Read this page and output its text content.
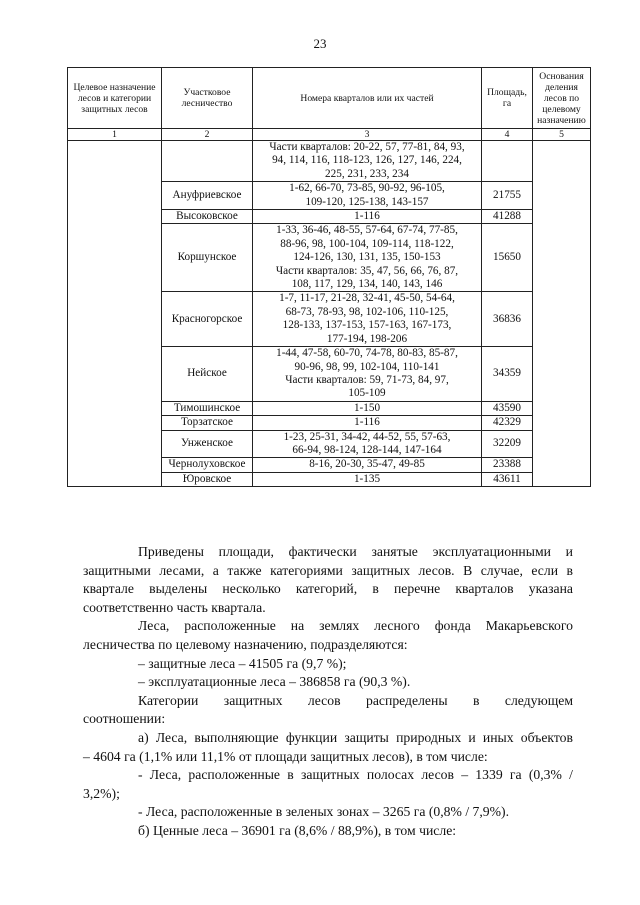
23
Целевое назначение лесов и категории защитных лесов	Участковое лесничество	Номера кварталов или их частей	Площадь, га	Основания деления лесов по целевому назначению
1	2	3	4	5

		Части кварталов: 20-22, 57, 77-81, 84, 93,
94, 114, 116, 118-123, 126, 127, 146, 224,
225, 231, 233, 234		

	Ануфриевское	1-62, 66-70, 73-85, 90-92, 96-105,
109-120, 125-138, 143-157	21755	
	Высоковское	1-116	41288	
	Коршунское	1-33, 36-46, 48-55, 57-64, 67-74, 77-85,
88-96, 98, 100-104, 109-114, 118-122,
124-126, 130, 131, 135, 150-153
Части кварталов: 35, 47, 56, 66, 76, 87,
108, 117, 129, 134, 140, 143, 146	15650	
	Красногорское	1-7, 11-17, 21-28, 32-41, 45-50, 54-64,
68-73, 78-93, 98, 102-106, 110-125,
128-133, 137-153, 157-163, 167-173,
177-194, 198-206	36836	
	Нейское	1-44, 47-58, 60-70, 74-78, 80-83, 85-87,
90-96, 98, 99, 102-104, 110-141
Части кварталов: 59, 71-73, 84, 97,
105-109	34359	
	Тимошинское	1-150	43590	
	Торзатское	1-116	42329	
	Унженское	1-23, 25-31, 34-42, 44-52, 55, 57-63,
66-94, 98-124, 128-144, 147-164	32209	
	Чернолуховское	8-16, 20-30, 35-47, 49-85	23388	
	Юровское	1-135	43611	

Приведены площади, фактически занятые эксплуатационными и

защитными лесами, а также категориями защитных лесов. В случае, если в

квартале выделены несколько категорий, в перечне кварталов указана

соответственно часть квартала.

Леса, расположенные на землях лесного фонда Макарьевского

лесничества по целевому назначению, подразделяются:

– защитные леса – 41505 га (9,7 %);

– эксплуатационные леса – 386858 га (90,3 %).

Категории защитных лесов распределены в следующем

соотношении:

а) Леса, выполняющие функции защиты природных и иных объектов

– 4604 га (1,1% или 11,1% от площади защитных лесов), в том числе:

- Леса, расположенные в защитных полосах лесов – 1339 га (0,3% /

3,2%);

- Леса, расположенные в зеленых зонах – 3265 га (0,8% / 7,9%).

б) Ценные леса – 36901 га (8,6% / 88,9%), в том числе:
